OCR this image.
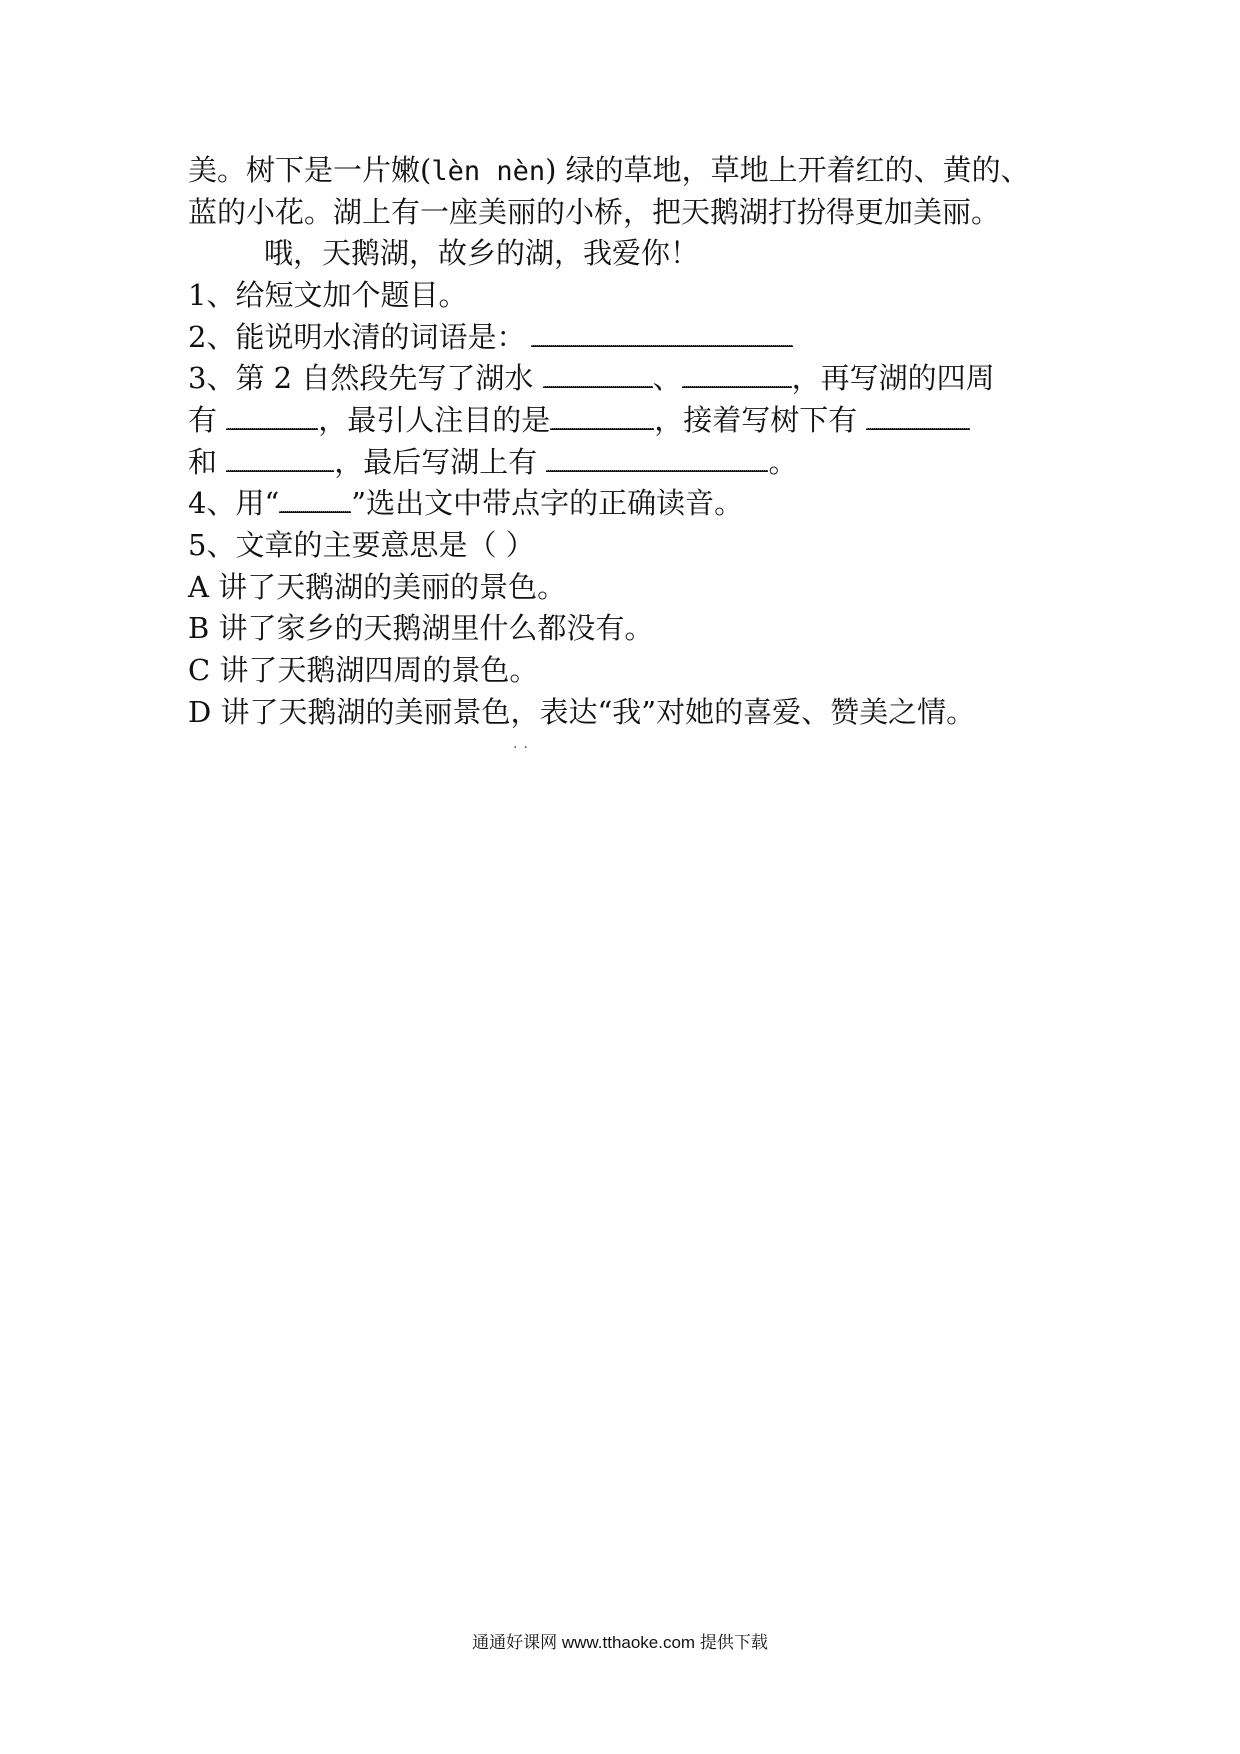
美。树下是一片嫩(lèn nèn) 绿的草地，草地上开着红的、黄的、
蓝的小花。湖上有一座美丽的小桥，把天鹅湖打扮得更加美丽。
哦，天鹅湖，故乡的湖，我爱你！
1、给短文加个题目。
2、能说明水清的词语是：
3、第 2 自然段先写了湖水	、	，再写湖的四周
有	，最引人注目的是	，接着写树下有
和	，最后写湖上有	。
4、用“ ”选出文中带点字的正确读音。
5、文章的主要意思是（ ）
A 讲了天鹅湖的美丽的景色。
B 讲了家乡的天鹅湖里什么都没有。
C 讲了天鹅湖四周的景色。
D 讲了天鹅湖的美丽景色，表达“我”对她的喜爱、赞美之情。
··
通通好课网 www.tthaoke.com 提供下载
